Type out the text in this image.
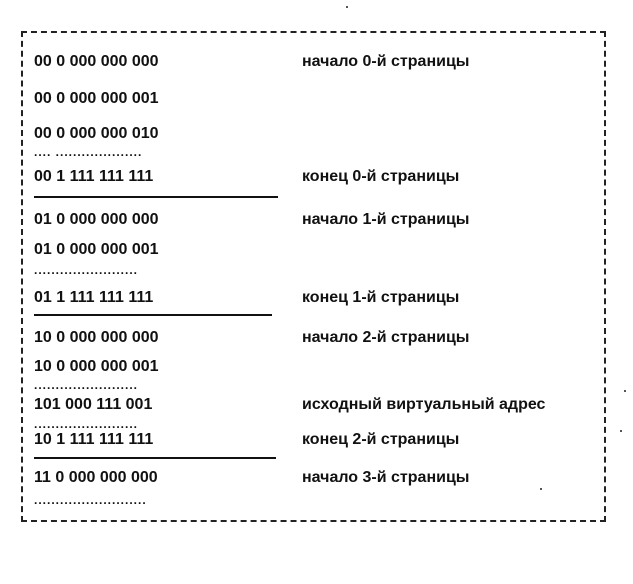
00 0 000 000 000	начало 0-й страницы
00 0 000 000 001
00 0 000 000 010
.... ....................
00 1 111 111 111	конец 0-й страницы
01 0 000 000 000	начало 1-й страницы
01 0 000 000 001
........................
01 1 111 111 111	конец 1-й страницы
10 0 000 000 000	начало 2-й страницы
10 0 000 000 001
........................
101 000 111 001	исходный виртуальный адрес
........................
10 1 111 111 111	конец 2-й страницы
11 0 000 000 000	начало 3-й страницы
..........................
